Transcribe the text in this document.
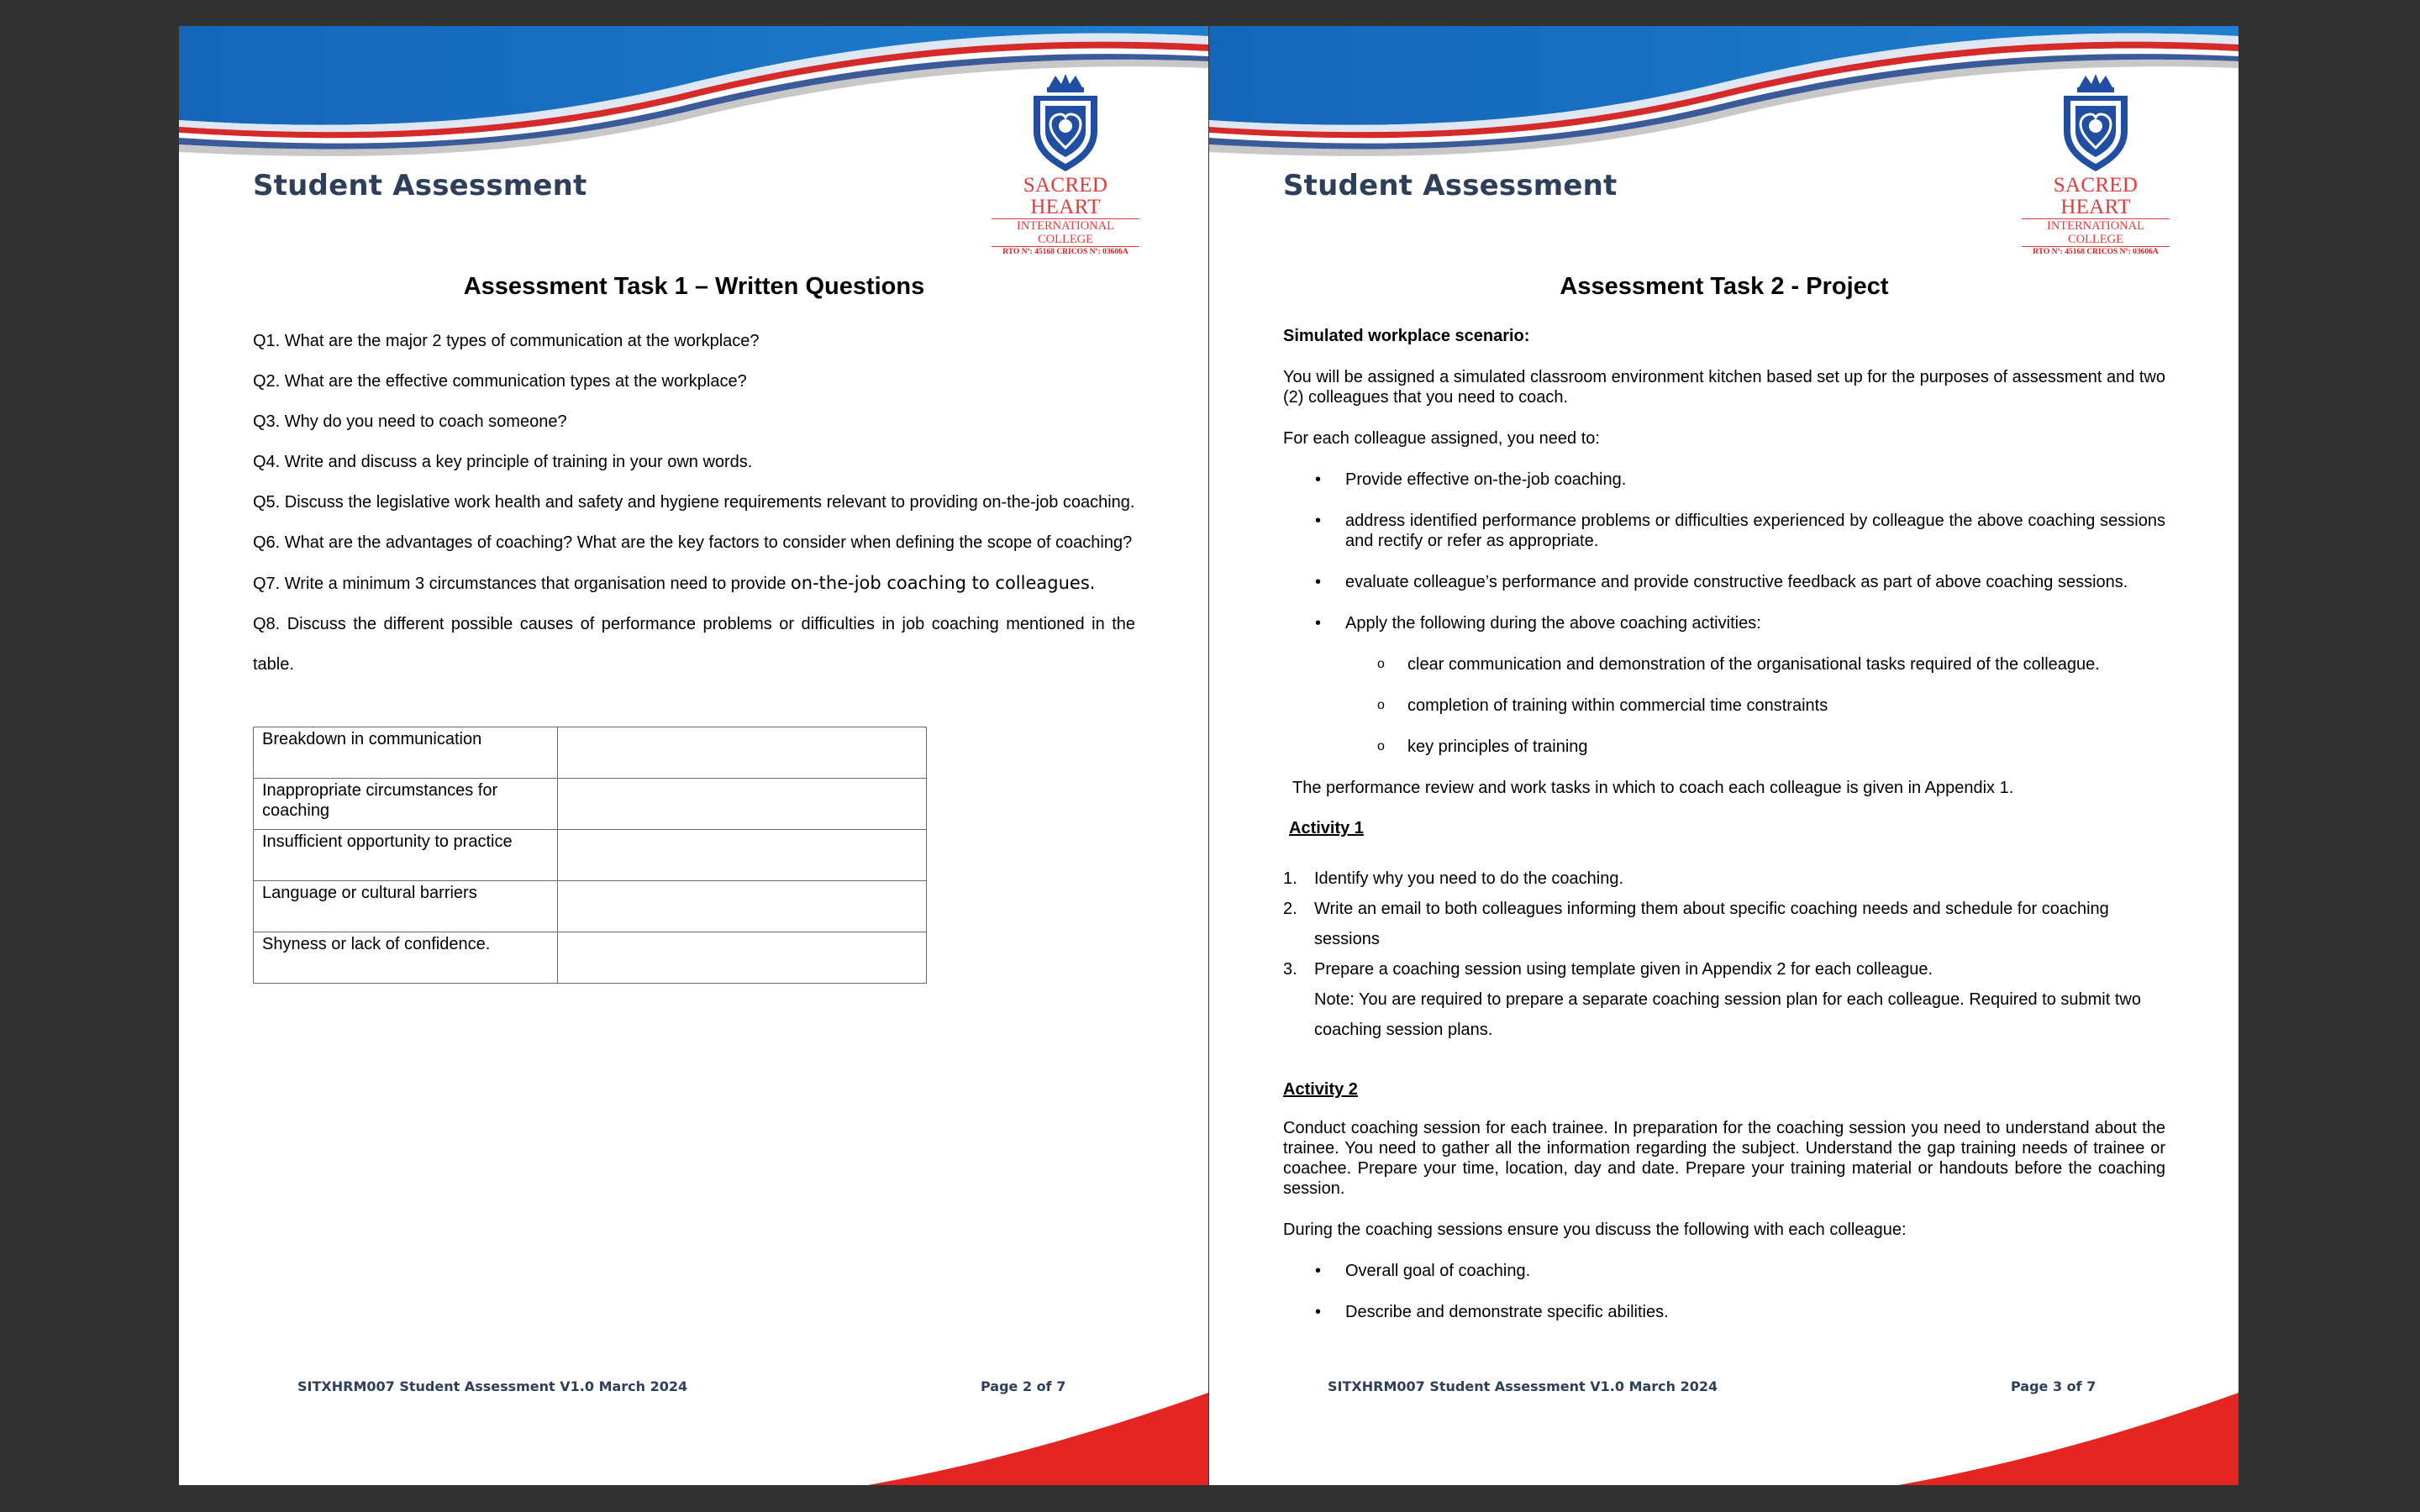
Student Assessment	SACRED HEART
INTERNATIONAL COLLEGE
RTO Nº: 45168 CRICOS Nº: 03606A
Assessment Task 1 – Written Questions

Q1. What are the major 2 types of communication at the workplace?

Q2. What are the effective communication types at the workplace?

Q3. Why do you need to coach someone?

Q4. Write and discuss a key principle of training in your own words.

Q5. Discuss the legislative work health and safety and hygiene requirements relevant to providing on-the-job coaching.

Q6. What are the advantages of coaching? What are the key factors to consider when defining the scope of coaching?

Q7. Write a minimum 3 circumstances that organisation need to provide on-the-job coaching to colleagues.

Q8. Discuss the different possible causes of performance problems or difficulties in job coaching mentioned in the table.

Breakdown in communication	
Inappropriate circumstances for coaching	
Insufficient opportunity to practice	
Language or cultural barriers	
Shyness or lack of confidence.	
SITXHRM007 Student Assessment V1.0 March 2024	Page 2 of 7
Student Assessment	SACRED HEART
INTERNATIONAL COLLEGE
RTO Nº: 45168 CRICOS Nº: 03606A
Assessment Task 2 - Project

Simulated workplace scenario:

You will be assigned a simulated classroom environment kitchen based set up for the purposes of assessment and two (2) colleagues that you need to coach.

For each colleague assigned, you need to:

• Provide effective on-the-job coaching.
• address identified performance problems or difficulties experienced by colleague the above coaching sessions and rectify or refer as appropriate.
• evaluate colleague’s performance and provide constructive feedback as part of above coaching sessions.
• Apply the following during the above coaching activities:
o clear communication and demonstration of the organisational tasks required of the colleague.
o completion of training within commercial time constraints
o key principles of training

The performance review and work tasks in which to coach each colleague is given in Appendix 1.

Activity 1
1. Identify why you need to do the coaching.
2. Write an email to both colleagues informing them about specific coaching needs and schedule for coaching sessions
3. Prepare a coaching session using template given in Appendix 2 for each colleague.
Note: You are required to prepare a separate coaching session plan for each colleague. Required to submit two coaching session plans.
Activity 2

Conduct coaching session for each trainee. In preparation for the coaching session you need to understand about the trainee. You need to gather all the information regarding the subject. Understand the gap training needs of trainee or coachee. Prepare your time, location, day and date. Prepare your training material or handouts before the coaching session.

During the coaching sessions ensure you discuss the following with each colleague:

• Overall goal of coaching.
• Describe and demonstrate specific abilities.
SITXHRM007 Student Assessment V1.0 March 2024	Page 3 of 7
